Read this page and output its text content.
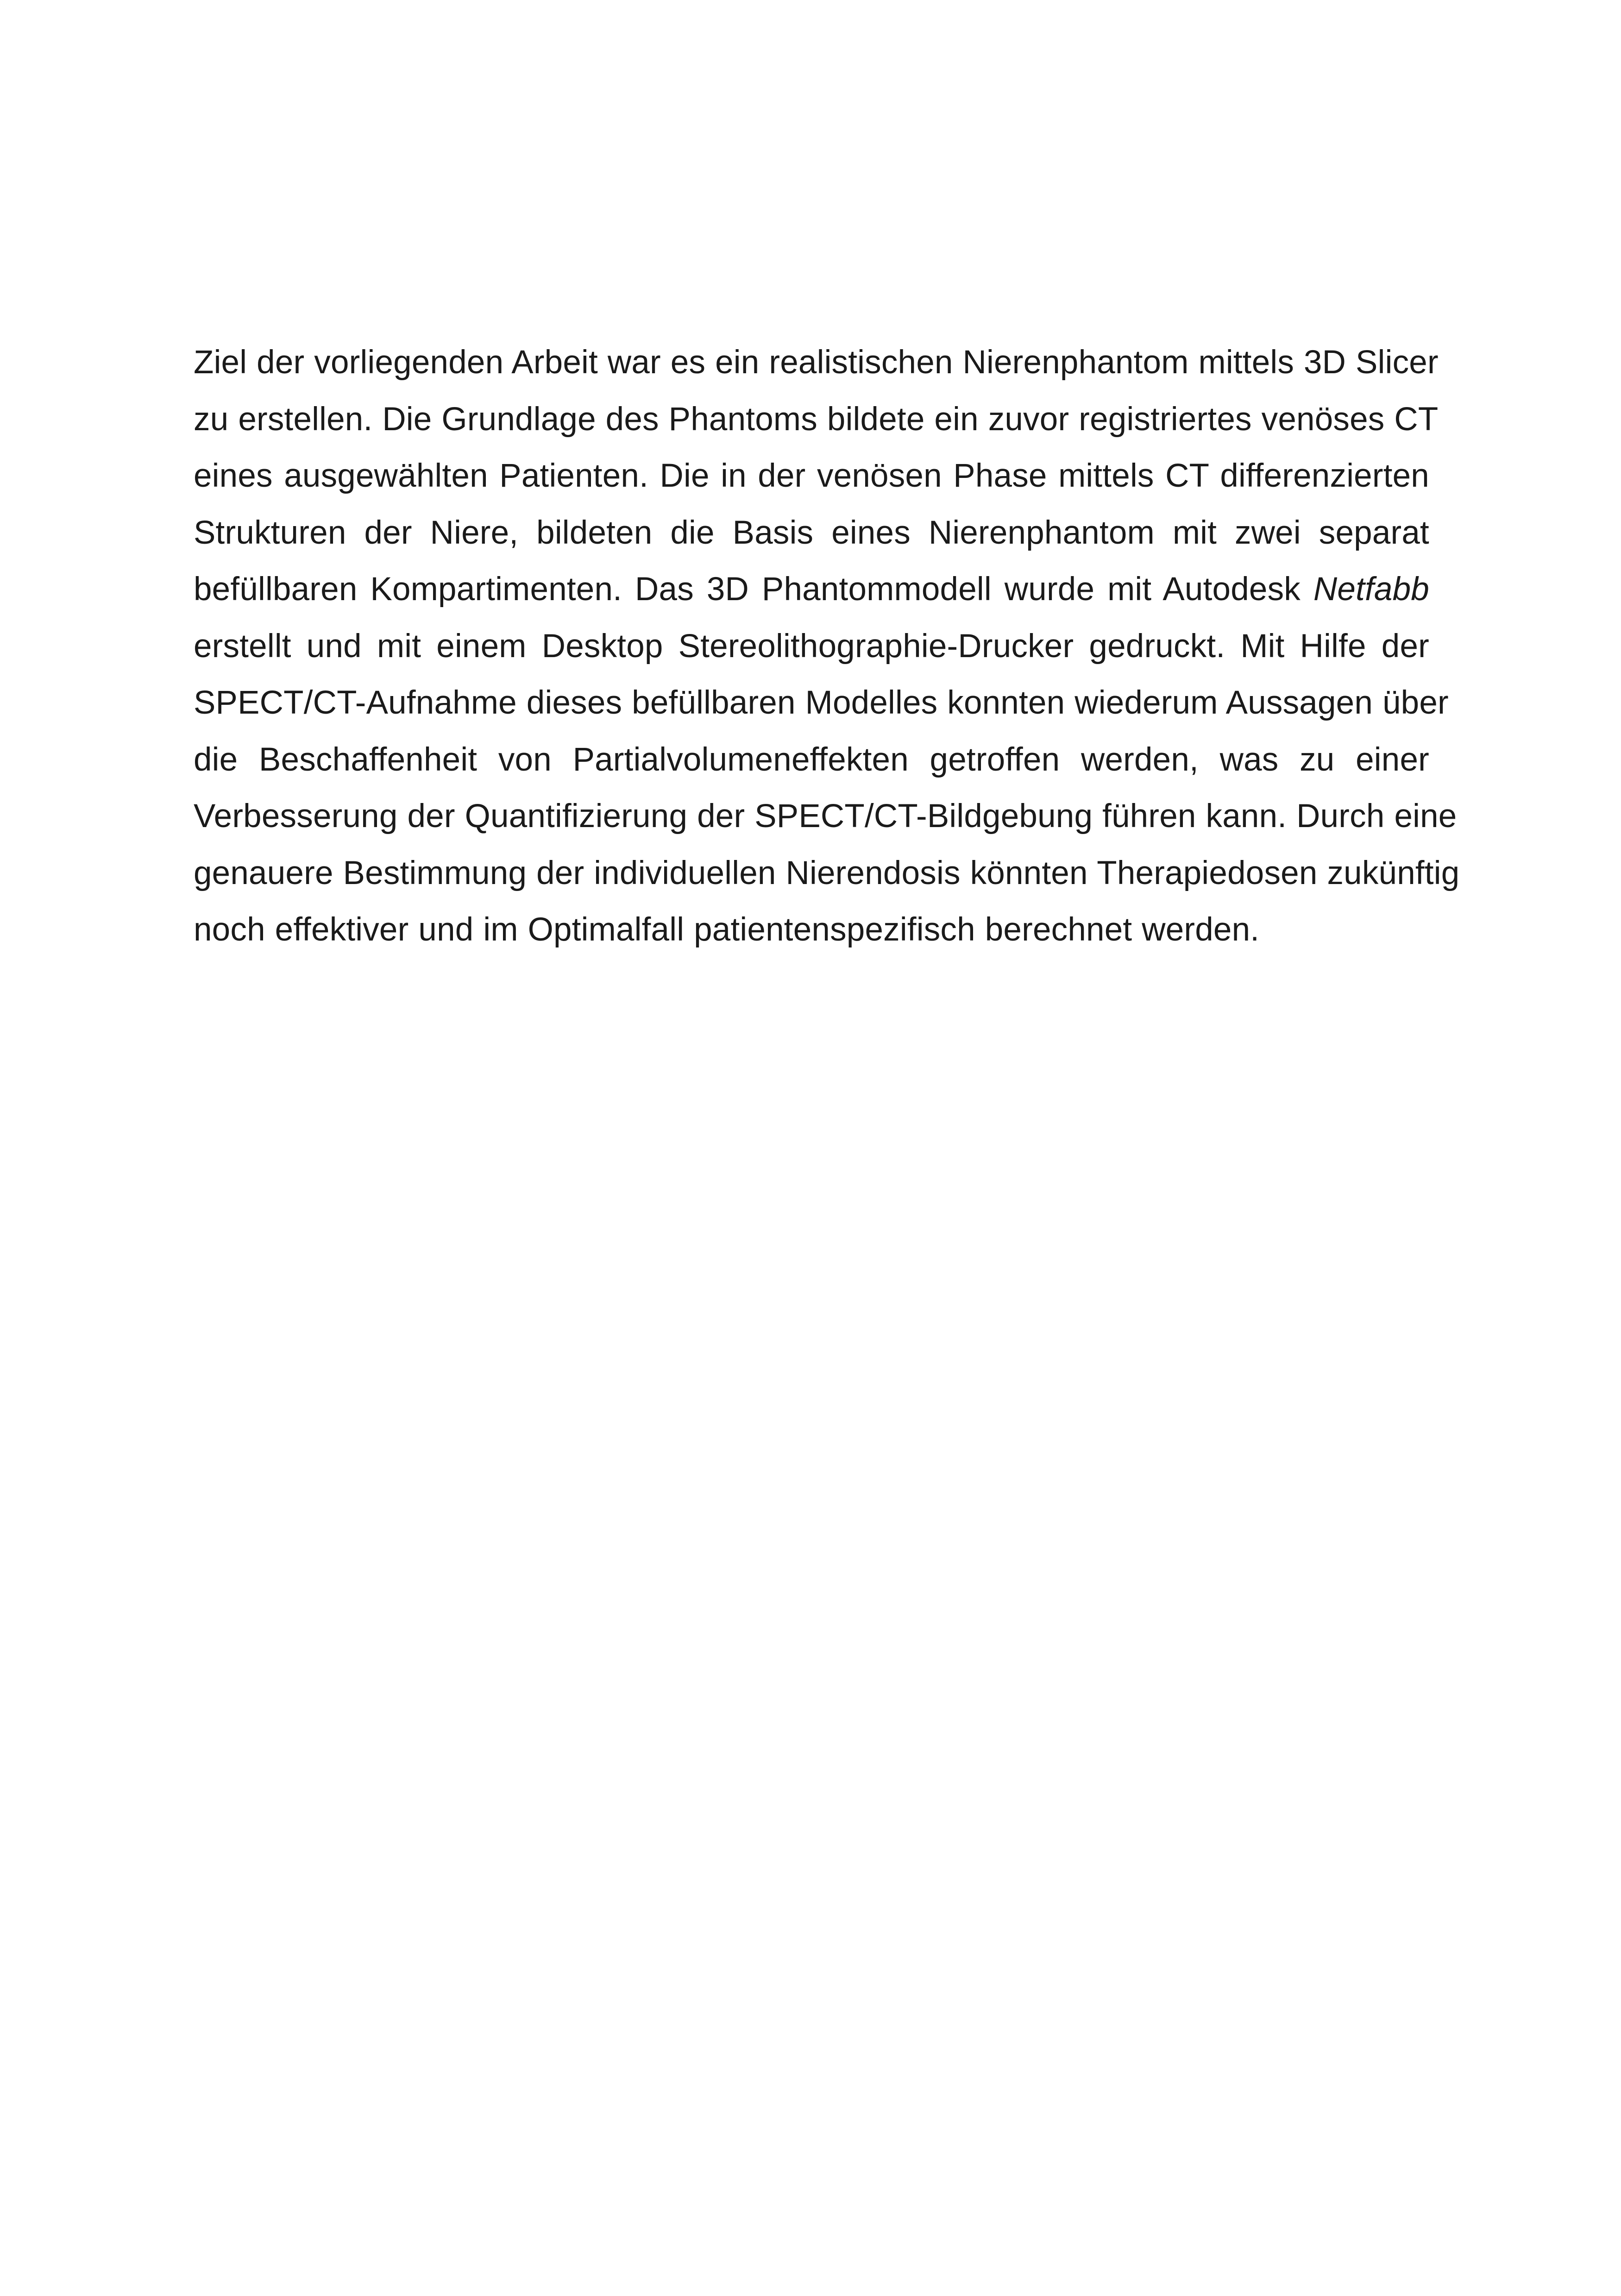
Ziel der vorliegenden Arbeit war es ein realistischen Nierenphantom mittels 3D Slicer
zu erstellen. Die Grundlage des Phantoms bildete ein zuvor registriertes venöses CT
eines ausgewählten Patienten. Die in der venösen Phase mittels CT differenzierten
Strukturen der Niere, bildeten die Basis eines Nierenphantom mit zwei separat
befüllbaren Kompartimenten. Das 3D Phantommodell wurde mit Autodesk Netfabb
erstellt und mit einem Desktop Stereolithographie-Drucker gedruckt. Mit Hilfe der
SPECT/CT-Aufnahme dieses befüllbaren Modelles konnten wiederum Aussagen über
die Beschaffenheit von Partialvolumeneffekten getroffen werden, was zu einer
Verbesserung der Quantifizierung der SPECT/CT-Bildgebung führen kann. Durch eine
genauere Bestimmung der individuellen Nierendosis könnten Therapiedosen zukünftig
noch effektiver und im Optimalfall patientenspezifisch berechnet werden.
